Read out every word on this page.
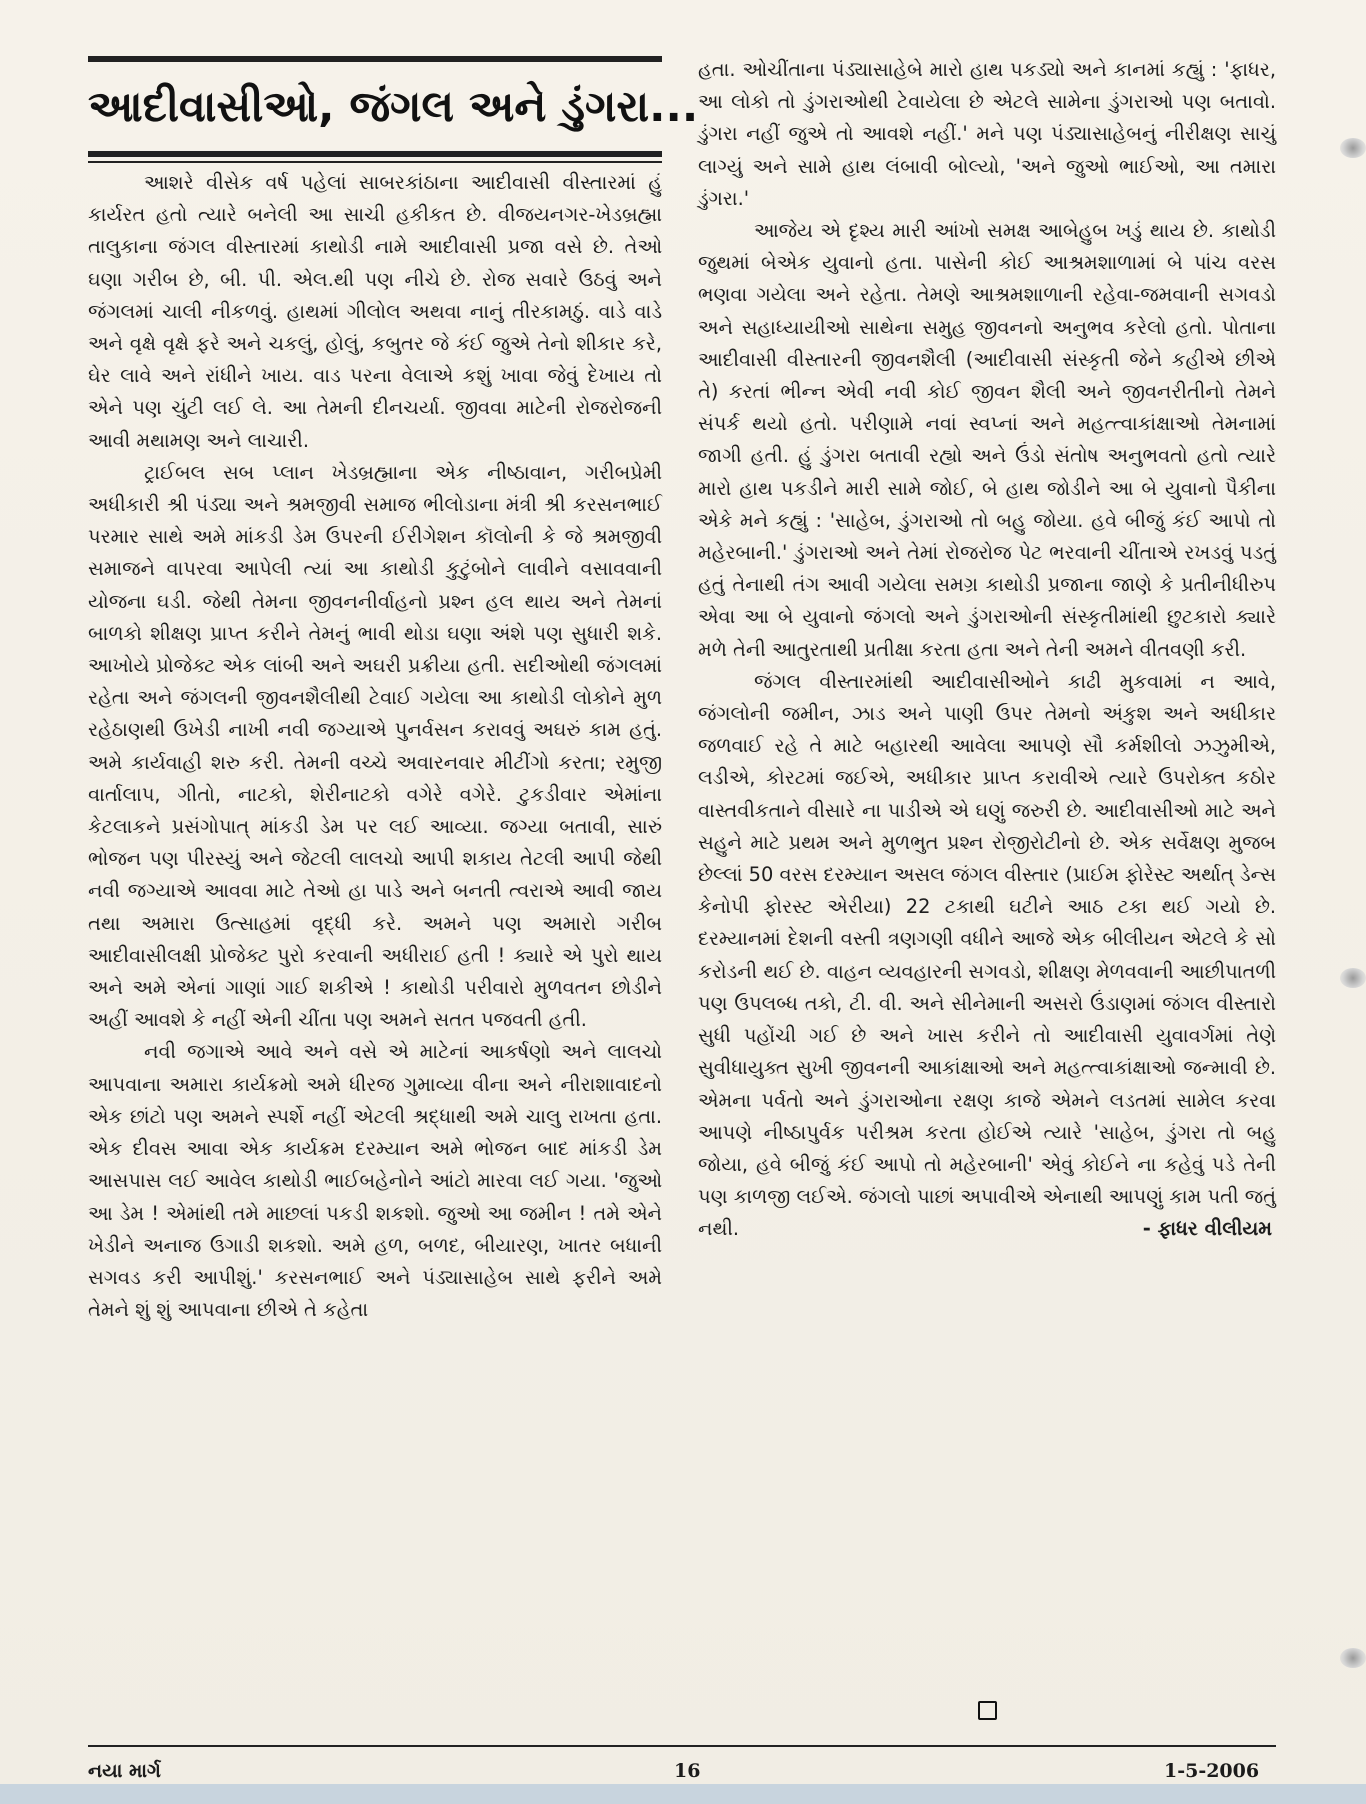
આદીવાસીઓ, જંગલ અને ડુંગરા...

આશરે વીસેક વર્ષ પહેલાં સાબરકાંઠાના આદીવાસી વીસ્તારમાં હું કાર્યરત હતો ત્યારે બનેલી આ સાચી હકીકત છે. વીજયનગર-ખેડબ્રહ્મા તાલુકાના જંગલ વીસ્તારમાં કાથોડી નામે આદીવાસી પ્રજા વસે છે. તેઓ ઘણા ગરીબ છે, બી. પી. એલ.થી પણ નીચે છે. રોજ સવારે ઉઠવું અને જંગલમાં ચાલી નીકળવું. હાથમાં ગીલોલ અથવા નાનું તીરકામઠું. વાડે વાડે અને વૃક્ષે વૃક્ષે ફરે અને ચકલું, હોલું, કબુતર જે કંઈ જુએ તેનો શીકાર કરે, ઘેર લાવે અને રાંધીને ખાય. વાડ પરના વેલાએ કશું ખાવા જેવું દેખાય તો એને પણ ચુંટી લઈ લે. આ તેમની દીનચર્યા. જીવવા માટેની રોજરોજની આવી મથામણ અને લાચારી.

ટ્રાઈબલ સબ પ્લાન ખેડબ્રહ્માના એક નીષ્ઠાવાન, ગરીબપ્રેમી અધીકારી શ્રી પંડ્યા અને શ્રમજીવી સમાજ ભીલોડાના મંત્રી શ્રી કરસનભાઈ પરમાર સાથે અમે માંકડી ડેમ ઉપરની ઈરીગેશન કૉલોની કે જે શ્રમજીવી સમાજને વાપરવા આપેલી ત્યાં આ કાથોડી કુટુંબોને લાવીને વસાવવાની યોજના ઘડી. જેથી તેમના જીવનનીર્વાહનો પ્રશ્ન હલ થાય અને તેમનાં બાળકો શીક્ષણ પ્રાપ્ત કરીને તેમનું ભાવી થોડા ઘણા અંશે પણ સુધારી શકે. આખોયે પ્રોજેક્ટ એક લાંબી અને અઘરી પ્રક્રીયા હતી. સદીઓથી જંગલમાં રહેતા અને જંગલની જીવનશૈલીથી ટેવાઈ ગયેલા આ કાથોડી લોકોને મુળ રહેઠાણથી ઉખેડી નાખી નવી જગ્યાએ પુનર્વસન કરાવવું અઘરું કામ હતું. અમે કાર્યવાહી શરુ કરી. તેમની વચ્ચે અવારનવાર મીટીંગો કરતા; રમુજી વાર્તાલાપ, ગીતો, નાટકો, શેરીનાટકો વગેરે વગેરે. ટુકડીવાર એમાંના કેટલાકને પ્રસંગોપાત્ માંકડી ડેમ પર લઈ આવ્યા. જગ્યા બતાવી, સારું ભોજન પણ પીરસ્યું અને જેટલી લાલચો આપી શકાય તેટલી આપી જેથી નવી જગ્યાએ આવવા માટે તેઓ હા પાડે અને બનતી ત્વરાએ આવી જાય તથા અમારા ઉત્સાહમાં વૃદ્ધી કરે. અમને પણ અમારો ગરીબ આદીવાસીલક્ષી પ્રોજેક્ટ પુરો કરવાની અધીરાઈ હતી ! ક્યારે એ પુરો થાય અને અમે એનાં ગાણાં ગાઈ શકીએ ! કાથોડી પરીવારો મુળવતન છોડીને અહીં આવશે કે નહીં એની ચીંતા પણ અમને સતત પજવતી હતી.

નવી જગાએ આવે અને વસે એ માટેનાં આકર્ષણો અને લાલચો આપવાના અમારા કાર્યક્રમો અમે ધીરજ ગુમાવ્યા વીના અને નીરાશાવાદનો એક છાંટો પણ અમને સ્પર્શે નહીં એટલી શ્રદ્ધાથી અમે ચાલુ રાખતા હતા. એક દીવસ આવા એક કાર્યક્રમ દરમ્યાન અમે ભોજન બાદ માંકડી ડેમ આસપાસ લઈ આવેલ કાથોડી ભાઈબહેનોને આંટો મારવા લઈ ગયા. 'જુઓ આ ડેમ ! એમાંથી તમે માછલાં પકડી શકશો. જુઓ આ જમીન ! તમે એને ખેડીને અનાજ ઉગાડી શકશો. અમે હળ, બળદ, બીયારણ, ખાતર બધાની સગવડ કરી આપીશું.' કરસનભાઈ અને પંડ્યાસાહેબ સાથે ફરીને અમે તેમને શું શું આપવાના છીએ તે કહેતા

હતા. ઓચીંતાના પંડ્યાસાહેબે મારો હાથ પકડ્યો અને કાનમાં કહ્યું : 'ફાધર, આ લોકો તો ડુંગરાઓથી ટેવાયેલા છે એટલે સામેના ડુંગરાઓ પણ બતાવો. ડુંગરા નહીં જુએ તો આવશે નહીં.' મને પણ પંડ્યાસાહેબનું નીરીક્ષણ સાચું લાગ્યું અને સામે હાથ લંબાવી બોલ્યો, 'અને જુઓ ભાઈઓ, આ તમારા ડુંગરા.'

આજેય એ દૃશ્ય મારી આંખો સમક્ષ આબેહુબ ખડું થાય છે. કાથોડી જુથમાં બેએક યુવાનો હતા. પાસેની કોઈ આશ્રમશાળામાં બે પાંચ વરસ ભણવા ગયેલા અને રહેતા. તેમણે આશ્રમશાળાની રહેવા-જમવાની સગવડો અને સહાધ્યાયીઓ સાથેના સમુહ જીવનનો અનુભવ કરેલો હતો. પોતાના આદીવાસી વીસ્તારની જીવનશૈલી (આદીવાસી સંસ્કૃતી જેને કહીએ છીએ તે) કરતાં ભીન્ન એવી નવી કોઈ જીવન શૈલી અને જીવનરીતીનો તેમને સંપર્ક થયો હતો. પરીણામે નવાં સ્વપ્નાં અને મહત્ત્વાકાંક્ષાઓ તેમનામાં જાગી હતી. હું ડુંગરા બતાવી રહ્યો અને ઉંડો સંતોષ અનુભવતો હતો ત્યારે મારો હાથ પકડીને મારી સામે જોઈ, બે હાથ જોડીને આ બે યુવાનો પૈકીના એકે મને કહ્યું : 'સાહેબ, ડુંગરાઓ તો બહુ જોયા. હવે બીજું કંઈ આપો તો મહેરબાની.' ડુંગરાઓ અને તેમાં રોજરોજ પેટ ભરવાની ચીંતાએ રખડવું પડતું હતું તેનાથી તંગ આવી ગયેલા સમગ્ર કાથોડી પ્રજાના જાણે કે પ્રતીનીધીરુપ એવા આ બે યુવાનો જંગલો અને ડુંગરાઓની સંસ્કૃતીમાંથી છુટકારો ક્યારે મળે તેની આતુરતાથી પ્રતીક્ષા કરતા હતા અને તેની અમને વીતવણી કરી.

જંગલ વીસ્તારમાંથી આદીવાસીઓને કાઢી મુકવામાં ન આવે, જંગલોની જમીન, ઝાડ અને પાણી ઉપર તેમનો અંકુશ અને અધીકાર જળવાઈ રહે તે માટે બહારથી આવેલા આપણે સૌ કર્મશીલો ઝઝુમીએ, લડીએ, કોરટમાં જઈએ, અધીકાર પ્રાપ્ત કરાવીએ ત્યારે ઉપરોક્ત કઠોર વાસ્તવીકતાને વીસારે ના પાડીએ એ ઘણું જરુરી છે. આદીવાસીઓ માટે અને સહુને માટે પ્રથમ અને મુળભુત પ્રશ્ન રોજીરોટીનો છે. એક સર્વેક્ષણ મુજબ છેલ્લાં 50 વરસ દરમ્યાન અસલ જંગલ વીસ્તાર (પ્રાઈમ ફોરેસ્ટ અર્થાત્ ડેન્સ કેનોપી ફોરસ્ટ એરીયા) 22 ટકાથી ઘટીને આઠ ટકા થઈ ગયો છે. દરમ્યાનમાં દેશની વસ્તી ત્રણગણી વધીને આજે એક બીલીયન એટલે કે સો કરોડની થઈ છે. વાહન વ્યવહારની સગવડો, શીક્ષણ મેળવવાની આછીપાતળી પણ ઉપલબ્ધ તકો, ટી. વી. અને સીનેમાની અસરો ઉંડાણમાં જંગલ વીસ્તારો સુધી પહોંચી ગઈ છે અને ખાસ કરીને તો આદીવાસી યુવાવર્ગમાં તેણે સુવીધાયુક્ત સુખી જીવનની આકાંક્ષાઓ અને મહત્ત્વાકાંક્ષાઓ જન્માવી છે. એમના પર્વતો અને ડુંગરાઓના રક્ષણ કાજે એમને લડતમાં સામેલ કરવા આપણે નીષ્ઠાપુર્વક પરીશ્રમ કરતા હોઈએ ત્યારે 'સાહેબ, ડુંગરા તો બહુ જોયા, હવે બીજું કંઈ આપો તો મહેરબાની' એવું કોઈને ના કહેવું પડે તેની પણ કાળજી લઈએ. જંગલો પાછાં અપાવીએ એનાથી આપણું કામ પતી જતું નથી.	- ફાધર વીલીયમ

નયા માર્ગ	16	1-5-2006
